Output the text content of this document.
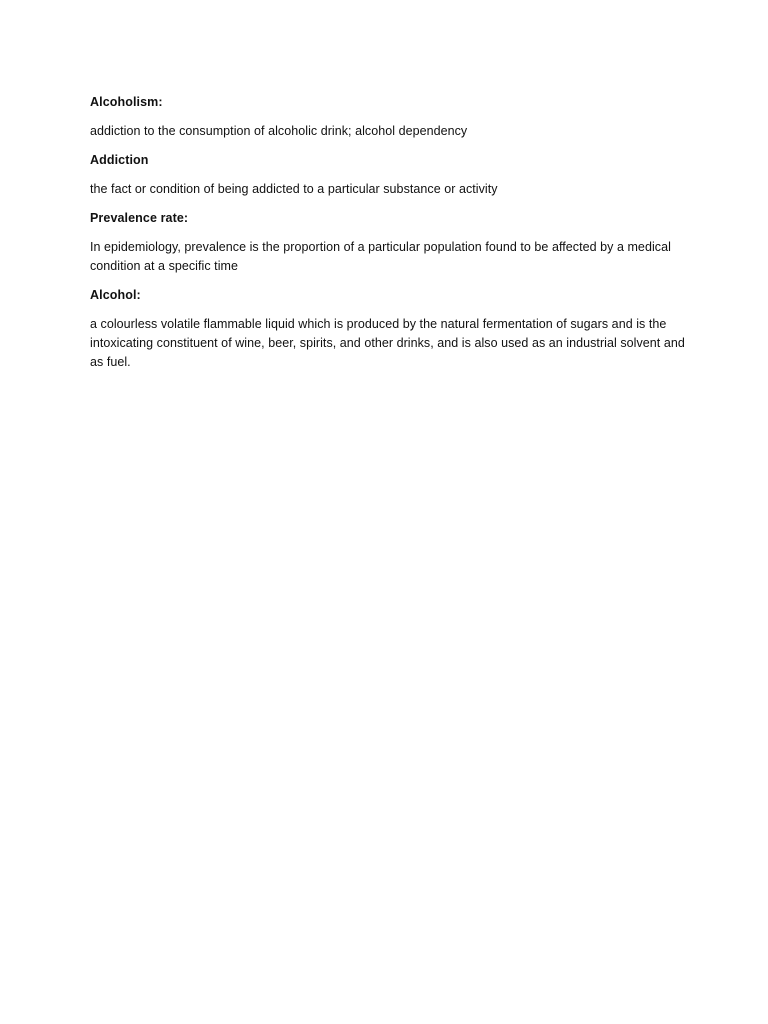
Alcoholism:

addiction to the consumption of alcoholic drink; alcohol dependency

Addiction

the fact or condition of being addicted to a particular substance or activity

Prevalence rate:

In epidemiology, prevalence is the proportion of a particular population found to be affected by a medical condition at a specific time

Alcohol:

a colourless volatile flammable liquid which is produced by the natural fermentation of sugars and is the intoxicating constituent of wine, beer, spirits, and other drinks, and is also used as an industrial solvent and as fuel.
